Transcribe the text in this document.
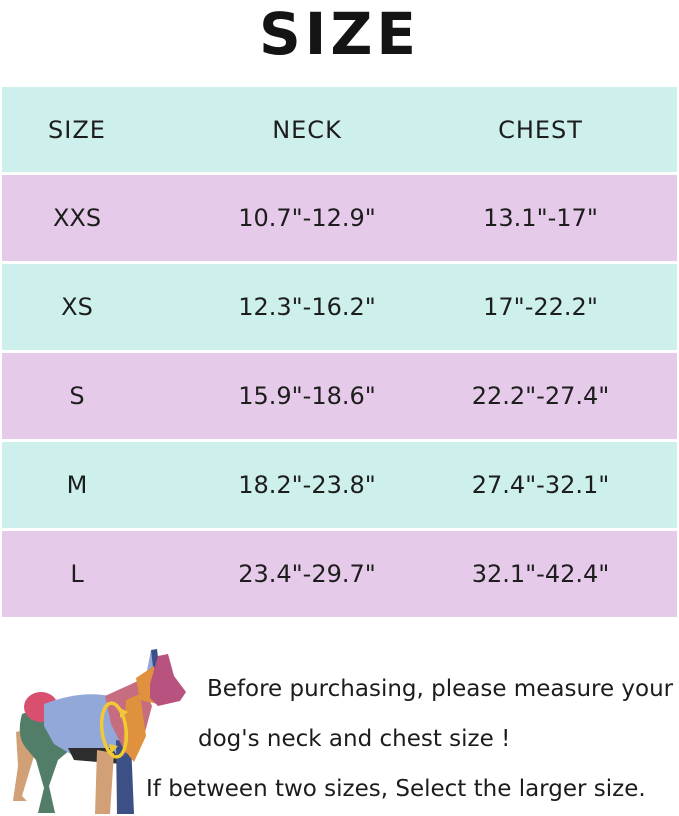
SIZE
SIZE	NECK	CHEST
XXS	10.7"-12.9"	13.1"-17"
XS	12.3"-16.2"	17"-22.2"
S	15.9"-18.6"	22.2"-27.4"
M	18.2"-23.8"	27.4"-32.1"
L	23.4"-29.7"	32.1"-42.4"
Before purchasing, please measure your
dog's neck and chest size !
If between two sizes, Select the larger size.
